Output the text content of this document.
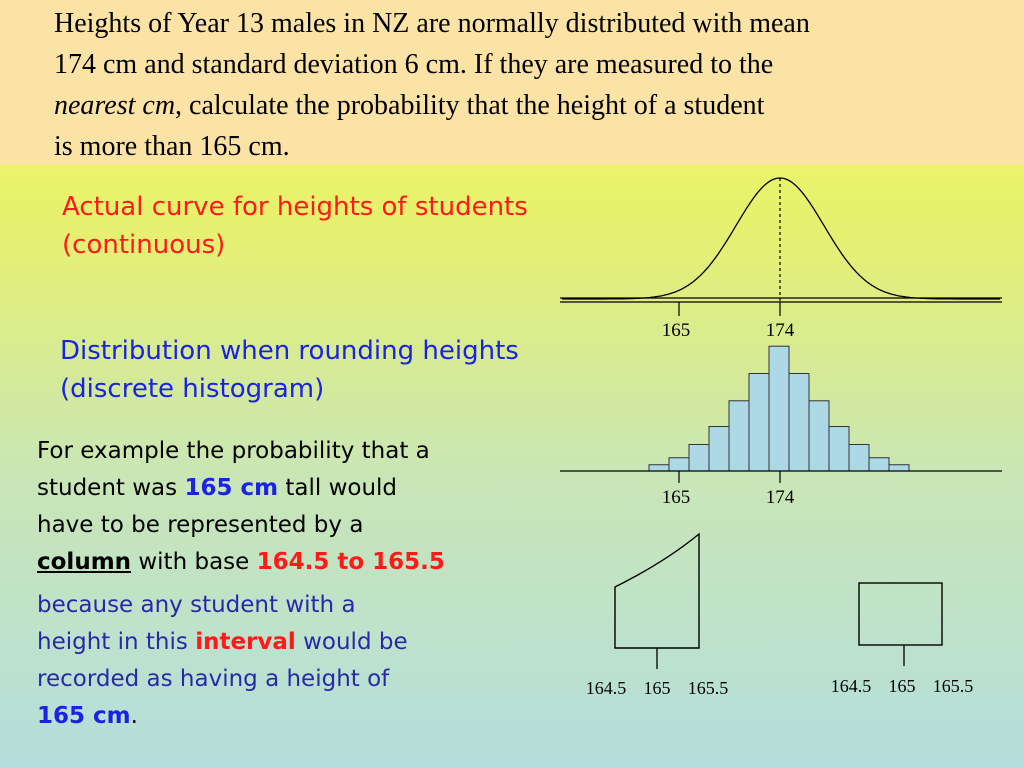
Heights of Year 13 males in NZ are normally distributed with mean
174 cm and standard deviation 6 cm. If they are measured to the
nearest cm, calculate the probability that the height of a student
is more than 165 cm.
Actual curve for heights of students
(continuous)
Distribution when rounding heights
(discrete histogram)
For example the probability that a
student was 165 cm tall would
have to be represented by a
column with base 164.5 to 165.5
because any student with a
height in this interval would be
recorded as having a height of
165 cm.
165	174
165	174
164.5 165 165.5	164.5 165 165.5
